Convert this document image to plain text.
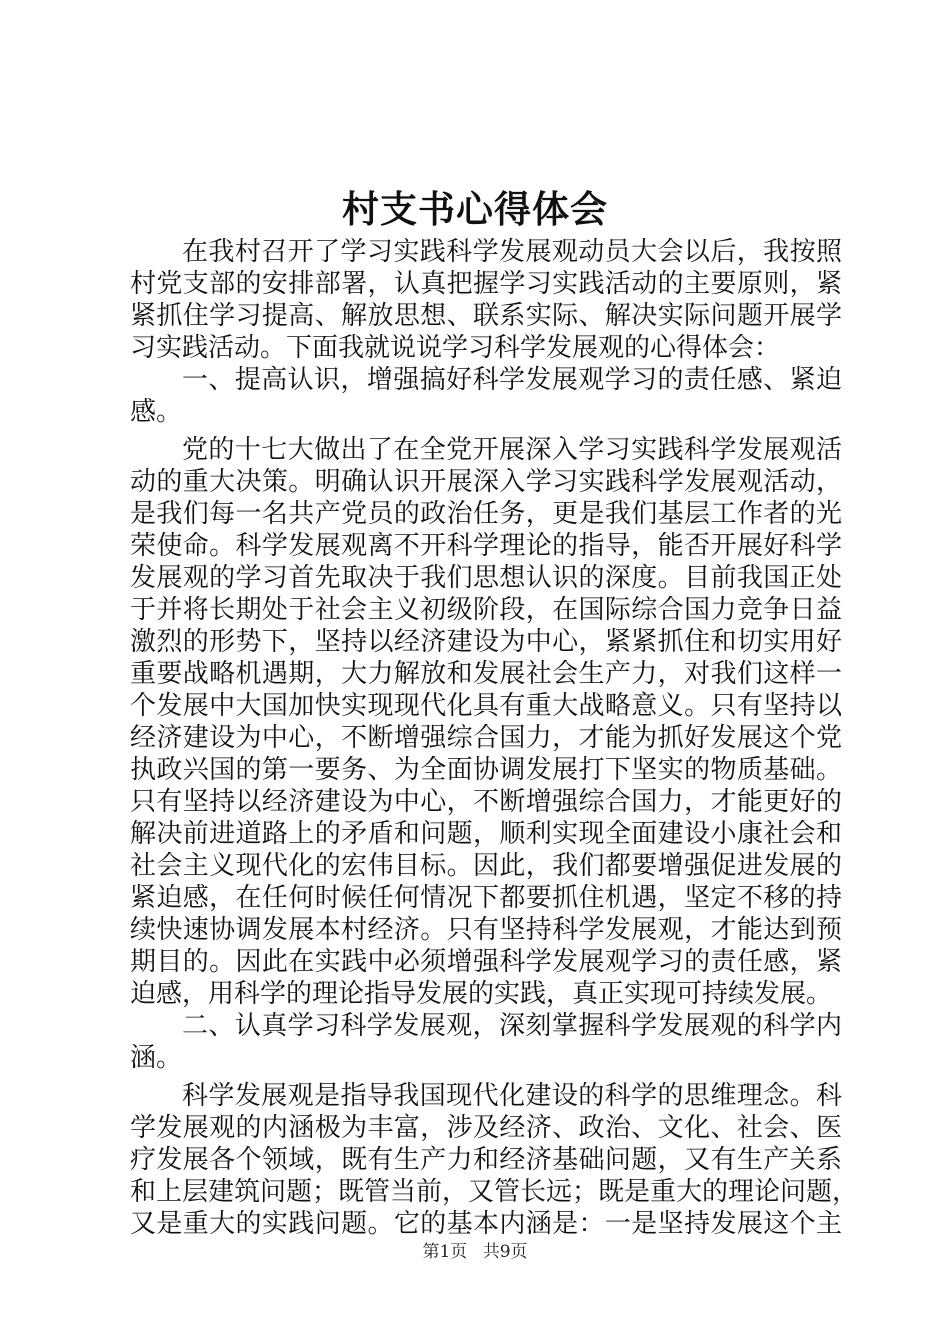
村支书心得体会
在我村召开了学习实践科学发展观动员大会以后，我按照
村党支部的安排部署，认真把握学习实践活动的主要原则，紧
紧抓住学习提高、解放思想、联系实际、解决实际问题开展学
习实践活动。下面我就说说学习科学发展观的心得体会：
一、提高认识，增强搞好科学发展观学习的责任感、紧迫
感。
党的十七大做出了在全党开展深入学习实践科学发展观活
动的重大决策。明确认识开展深入学习实践科学发展观活动，
是我们每一名共产党员的政治任务，更是我们基层工作者的光
荣使命。科学发展观离不开科学理论的指导，能否开展好科学
发展观的学习首先取决于我们思想认识的深度。目前我国正处
于并将长期处于社会主义初级阶段，在国际综合国力竞争日益
激烈的形势下，坚持以经济建设为中心，紧紧抓住和切实用好
重要战略机遇期，大力解放和发展社会生产力，对我们这样一
个发展中大国加快实现现代化具有重大战略意义。只有坚持以
经济建设为中心，不断增强综合国力，才能为抓好发展这个党
执政兴国的第一要务、为全面协调发展打下坚实的物质基础。
只有坚持以经济建设为中心，不断增强综合国力，才能更好的
解决前进道路上的矛盾和问题，顺利实现全面建设小康社会和
社会主义现代化的宏伟目标。因此，我们都要增强促进发展的
紧迫感，在任何时候任何情况下都要抓住机遇，坚定不移的持
续快速协调发展本村经济。只有坚持科学发展观，才能达到预
期目的。因此在实践中必须增强科学发展观学习的责任感，紧
迫感，用科学的理论指导发展的实践，真正实现可持续发展。
二、认真学习科学发展观，深刻掌握科学发展观的科学内
涵。
科学发展观是指导我国现代化建设的科学的思维理念。科
学发展观的内涵极为丰富，涉及经济、政治、文化、社会、医
疗发展各个领域，既有生产力和经济基础问题，又有生产关系
和上层建筑问题；既管当前，又管长远；既是重大的理论问题，
又是重大的实践问题。它的基本内涵是：一是坚持发展这个主
第1页 共9页
